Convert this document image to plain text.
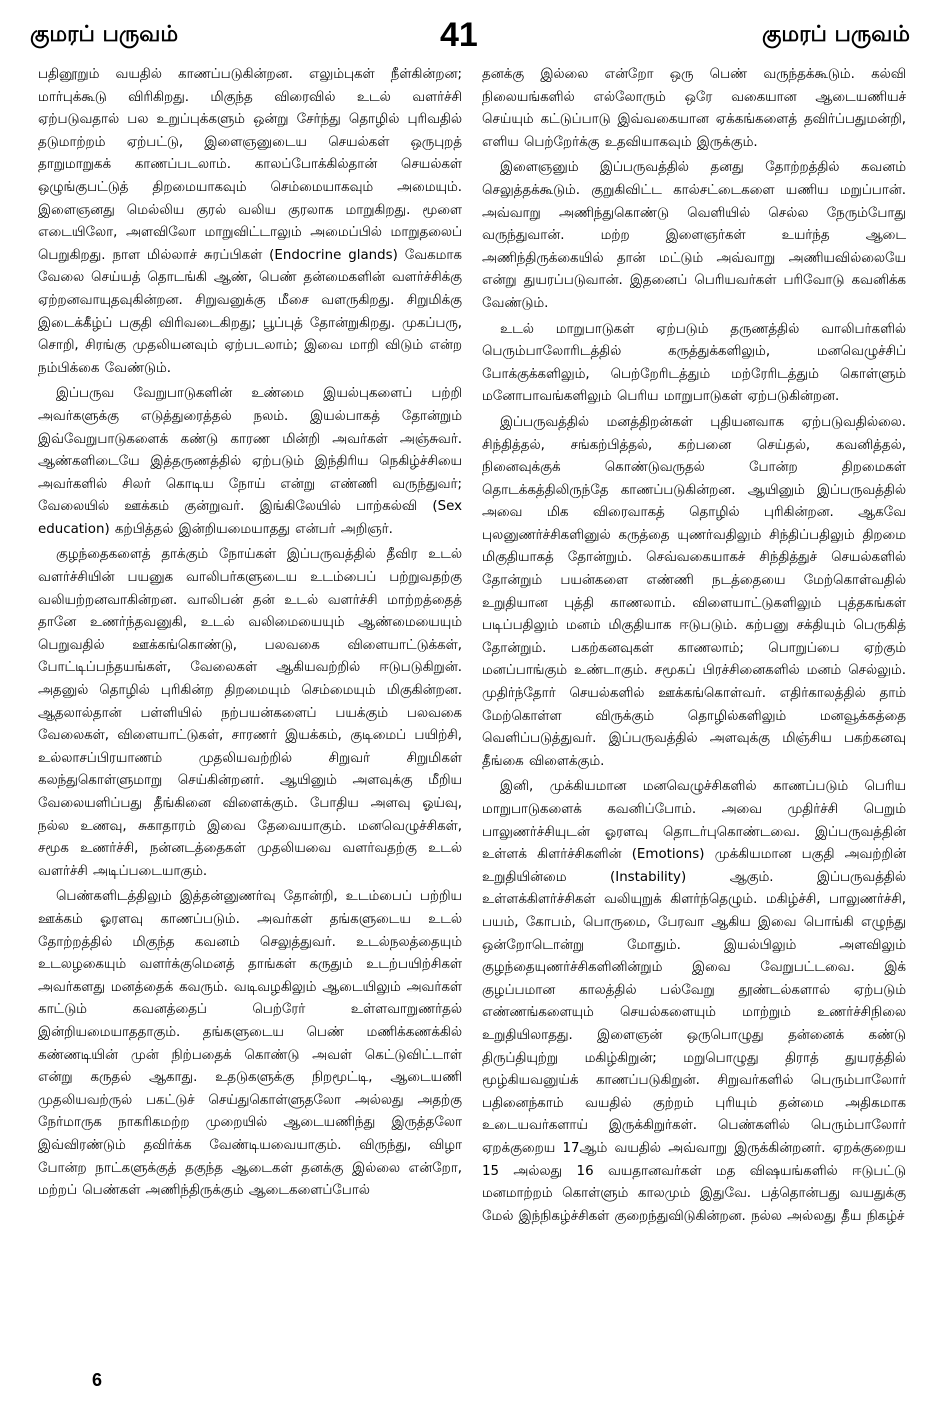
குமரப் பருவம்	41	குமரப் பருவம்

பதினூறும் வயதில் காணப்படுகின்றன. எலும்புகள் நீள்கின்றன; மார்புக்கூடு விரிகிறது. மிகுந்த விரைவில் உடல் வளர்ச்சி ஏற்படுவதால் பல உறுப்புக்களும் ஒன்று சேர்ந்து தொழில் புரிவதில் தடுமாற்றம் ஏற்பட்டு, இளைஞனுடைய செயல்கள் ஒருபுறத் தாறுமாறுகக் காணப்படலாம். காலப்போக்கில்தான் செயல்கள் ஒழுங்குபட்டுத் திறமையாகவும் செம்மையாகவும் அமையும். இளைஞனது மெல்லிய குரல் வலிய குரலாக மாறுகிறது. மூளை எடையிலோ, அளவிலோ மாறுவிட்டாலும் அமைப்பில் மாறுதலைப் பெறுகிறது. நாள மில்லாச் சுரப்பிகள் (Endocrine glands) வேகமாக வேலை செய்யத் தொடங்கி ஆண், பெண் தன்மைகளின் வளர்ச்சிக்கு ஏற்றனவாயுதவுகின்றன. சிறுவனுக்கு மீசை வளருகிறது. சிறுமிக்கு இடைக்கீழ்ப் பகுதி விரிவடைகிறது; பூப்புத் தோன்றுகிறது. முகப்பரு, சொறி, சிரங்கு முதலியனவும் ஏற்படலாம்; இவை மாறி விடும் என்ற நம்பிக்கை வேண்டும்.

இப்பருவ வேறுபாடுகளின் உண்மை இயல்புகளைப் பற்றி அவர்களுக்கு எடுத்துரைத்தல் நலம். இயல்பாகத் தோன்றும் இவ்வேறுபாடுகளைக் கண்டு காரண மின்றி அவர்கள் அஞ்சுவர். ஆண்களிடையே இத்தருணத்தில் ஏற்படும் இந்திரிய நெகிழ்ச்சியை அவர்களில் சிலர் கொடிய நோய் என்று எண்ணி வருந்துவர்; வேலையில் ஊக்கம் குன்றுவர். இங்கிலேயில் பாற்கல்வி (Sex education) கற்பித்தல் இன்றியமையாதது என்பர் அறிஞர்.

குழந்தைகளைத் தாக்கும் நோய்கள் இப்பருவத்தில் தீவிர உடல் வளர்ச்சியின் பயனுக வாலிபர்களுடைய உடம்பைப் பற்றுவதற்கு வலியற்றனவாகின்றன. வாலிபன் தன் உடல் வளர்ச்சி மாற்றத்தைத் தானே உணர்ந்தவனுகி, உடல் வலிமையையும் ஆண்மையையும் பெறுவதில் ஊக்கங்கொண்டு, பலவகை விளையாட்டுக்கள், போட்டிப்பந்தயங்கள், வேலைகள் ஆகியவற்றில் ஈடுபடுகிறுன். அதனுல் தொழில் புரிகின்ற திறமையும் செம்மையும் மிகுகின்றன. ஆதலால்தான் பள்ளியில் நற்பயன்களைப் பயக்கும் பலவகை வேலைகள், விளையாட்டுகள், சாரணர் இயக்கம், குடிமைப் பயிற்சி, உல்லாசப்பிரயாணம் முதலியவற்றில் சிறுவர் சிறுமிகள் கலந்துகொள்ளுமாறு செய்கின்றனர். ஆயினும் அளவுக்கு மீறிய வேலையளிப்பது தீங்கினை விளைக்கும். போதிய அளவு ஓய்வு, நல்ல உணவு, சுகாதாரம் இவை தேவையாகும். மனவெழுச்சிகள், சமூக உணர்ச்சி, நன்னடத்தைகள் முதலியவை வளர்வதற்கு உடல் வளர்ச்சி அடிப்படையாகும்.

பெண்களிடத்திலும் இத்தன்னுணர்வு தோன்றி, உடம்பைப் பற்றிய ஊக்கம் ஓரளவு காணப்படும். அவர்கள் தங்களுடைய உடல் தோற்றத்தில் மிகுந்த கவனம் செலுத்துவர். உடல்நலத்தையும் உடலழகையும் வளர்க்குமெனத் தாங்கள் கருதும் உடற்பயிற்சிகள் அவர்களது மனத்தைக் கவரும். வடிவழகிலும் ஆடையிலும் அவர்கள் காட்டும் கவனத்தைப் பெற்ரேர் உள்ளவாறுணர்தல் இன்றியமையாததாகும். தங்களுடைய பெண் மணிக்கணக்கில் கண்ணடியின் முன் நிற்பதைக் கொண்டு அவள் கெட்டுவிட்டாள் என்று கருதல் ஆகாது. உதடுகளுக்கு நிறமூட்டி, ஆடையணி முதலியவற்ருல் பகட்டுச் செய்துகொள்ளுதலோ அல்லது அதற்கு நேர்மாருக நாகரிகமற்ற முறையில் ஆடையணிந்து இருத்தலோ இவ்விரண்டும் தவிர்க்க வேண்டியவையாகும். விருந்து, விழா போன்ற நாட்களுக்குத் தகுந்த ஆடைகள் தனக்கு இல்லை என்றோ, மற்றப் பெண்கள் அணிந்திருக்கும் ஆடைகளைப்போல்

தனக்கு இல்லை என்றோ ஒரு பெண் வருந்தக்கூடும். கல்வி நிலையங்களில் எல்லோரும் ஒரே வகையான ஆடையணியச் செய்யும் கட்டுப்பாடு இவ்வகையான ஏக்கங்களைத் தவிர்ப்பதுமன்றி, எளிய பெற்றேர்க்கு உதவியாகவும் இருக்கும்.

இளைஞனும் இப்பருவத்தில் தனது தோற்றத்தில் கவனம் செலுத்தக்கூடும். குறுகிவிட்ட கால்சட்டைகளை யணிய மறுப்பான். அவ்வாறு அணிந்துகொண்டு வெளியில் செல்ல நேரும்போது வருந்துவான். மற்ற இளைஞர்கள் உயர்ந்த ஆடை அணிந்திருக்கையில் தான் மட்டும் அவ்வாறு அணியவில்லையே என்று துயரப்படுவான். இதனைப் பெரியவர்கள் பரிவோடு கவனிக்க வேண்டும்.

உடல் மாறுபாடுகள் ஏற்படும் தருணத்தில் வாலிபர்களில் பெரும்பாலோரிடத்தில் கருத்துக்களிலும், மனவெழுச்சிப் போக்குக்களிலும், பெற்றேரிடத்தும் மற்ரேரிடத்தும் கொள்ளும் மனோபாவங்களிலும் பெரிய மாறுபாடுகள் ஏற்படுகின்றன.

இப்பருவத்தில் மனத்திறன்கள் புதியனவாக ஏற்படுவதில்லை. சிந்தித்தல், சங்கற்பித்தல், கற்பனை செய்தல், கவனித்தல், நினைவுக்குக் கொண்டுவருதல் போன்ற திறமைகள் தொடக்கத்திலிருந்தே காணப்படுகின்றன. ஆயினும் இப்பருவத்தில் அவை மிக விரைவாகத் தொழில் புரிகின்றன. ஆகவே புலனுணர்ச்சிகளினுல் கருத்தை யுணர்வதிலும் சிந்திப்பதிலும் திறமை மிகுதியாகத் தோன்றும். செவ்வகையாகச் சிந்தித்துச் செயல்களில் தோன்றும் பயன்களை எண்ணி நடத்தையை மேற்கொள்வதில் உறுதியான புத்தி காணலாம். விளையாட்டுகளிலும் புத்தகங்கள் படிப்பதிலும் மனம் மிகுதியாக ஈடுபடும். கற்பனு சக்தியும் பெருகித் தோன்றும். பகற்கனவுகள் காணலாம்; பொறுப்பை ஏற்கும் மனப்பாங்கும் உண்டாகும். சமூகப் பிரச்சினைகளில் மனம் செல்லும். முதிர்ந்தோர் செயல்களில் ஊக்கங்கொள்வர். எதிர்காலத்தில் தாம் மேற்கொள்ள விருக்கும் தொழில்களிலும் மனவூக்கத்தை வெளிப்படுத்துவர். இப்பருவத்தில் அளவுக்கு மிஞ்சிய பகற்கனவு தீங்கை விளைக்கும்.

இனி, முக்கியமான மனவெழுச்சிகளில் காணப்படும் பெரிய மாறுபாடுகளைக் கவனிப்போம். அவை முதிர்ச்சி பெறும் பாலுணர்ச்சியுடன் ஓரளவு தொடர்புகொண்டவை. இப்பருவத்தின் உள்ளக் கிளர்ச்சிகளின் (Emotions) முக்கியமான பகுதி அவற்றின் உறுதியின்மை (Instability) ஆகும். இப்பருவத்தில் உள்ளக்கிளர்ச்சிகள் வலியுறுக் கிளர்ந்தெழும். மகிழ்ச்சி, பாலுணர்ச்சி, பயம், கோபம், பொருமை, பேரவா ஆகிய இவை பொங்கி எழுந்து ஒன்றோடொன்று மோதும். இயல்பிலும் அளவிலும் குழந்தையுணர்ச்சிகளினின்றும் இவை வேறுபட்டவை. இக் குழப்பமான காலத்தில் பல்வேறு தூண்டல்களால் ஏற்படும் எண்ணங்களையும் செயல்களையும் மாற்றும் உணர்ச்சிநிலை உறுதியிலாதது. இளைஞன் ஒருபொழுது தன்னைக் கண்டு திருப்தியுற்று மகிழ்கிறுன்; மறுபொழுது திராத் துயரத்தில் மூழ்கியவனுய்க் காணப்படுகிறுன். சிறுவர்களில் பெரும்பாலோர் பதினைந்காம் வயதில் குற்றம் புரியும் தன்மை அதிகமாக உடையவர்களாய் இருக்கிறுர்கள். பெண்களில் பெரும்பாலோர் ஏறக்குறைய 17ஆம் வயதில் அவ்வாறு இருக்கின்றனர். ஏறக்குறைய 15 அல்லது 16 வயதானவர்கள் மத விஷயங்களில் ஈடுபட்டு மனமாற்றம் கொள்ளும் காலமும் இதுவே. பத்தொன்பது வயதுக்கு மேல் இந்நிகழ்ச்சிகள் குறைந்துவிடுகின்றன. நல்ல அல்லது தீய நிகழ்ச்

6
